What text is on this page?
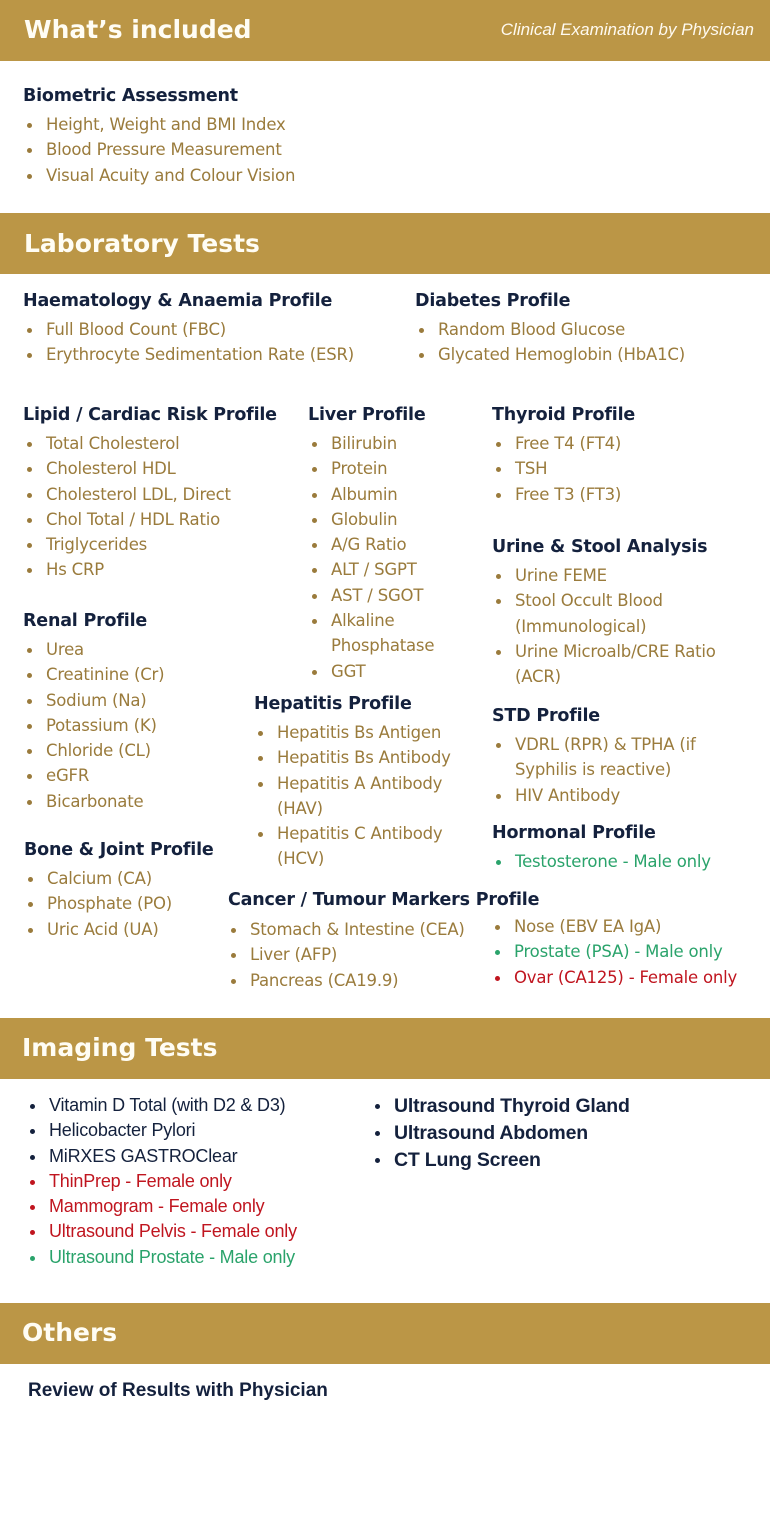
What’s included	Clinical Examination by Physician
Biometric Assessment
Height, Weight and BMI Index
Blood Pressure Measurement
Visual Acuity and Colour Vision
Laboratory Tests
Haematology & Anaemia Profile
Full Blood Count (FBC)
Erythrocyte Sedimentation Rate (ESR)
Diabetes Profile
Random Blood Glucose
Glycated Hemoglobin (HbA1C)
Lipid / Cardiac Risk Profile
Total Cholesterol
Cholesterol HDL
Cholesterol LDL, Direct
Chol Total / HDL Ratio
Triglycerides
Hs CRP
Liver Profile
Bilirubin
Protein
Albumin
Globulin
A/G Ratio
ALT / SGPT
AST / SGOT
Alkaline Phosphatase
GGT
Thyroid Profile
Free T4 (FT4)
TSH
Free T3 (FT3)
Urine & Stool Analysis
Urine FEME
Stool Occult Blood (Immunological)
Urine Microalb/CRE Ratio (ACR)
Renal Profile
Urea
Creatinine (Cr)
Sodium (Na)
Potassium (K)
Chloride (CL)
eGFR
Bicarbonate
Hepatitis Profile
Hepatitis Bs Antigen
Hepatitis Bs Antibody
Hepatitis A Antibody (HAV)
Hepatitis C Antibody (HCV)
STD Profile
VDRL (RPR) & TPHA (if Syphilis is reactive)
HIV Antibody
Hormonal Profile
Testosterone - Male only
Bone & Joint Profile
Calcium (CA)
Phosphate (PO)
Uric Acid (UA)
Cancer / Tumour Markers Profile
Stomach & Intestine (CEA)
Liver (AFP)
Pancreas (CA19.9)
Nose (EBV EA IgA)
Prostate (PSA) - Male only
Ovar (CA125) - Female only
Imaging Tests
Vitamin D Total (with D2 & D3)
Helicobacter Pylori
MiRXES GASTROClear
ThinPrep - Female only
Mammogram - Female only
Ultrasound Pelvis - Female only
Ultrasound Prostate - Male only
Ultrasound Thyroid Gland
Ultrasound Abdomen
CT Lung Screen
Others
Review of Results with Physician
